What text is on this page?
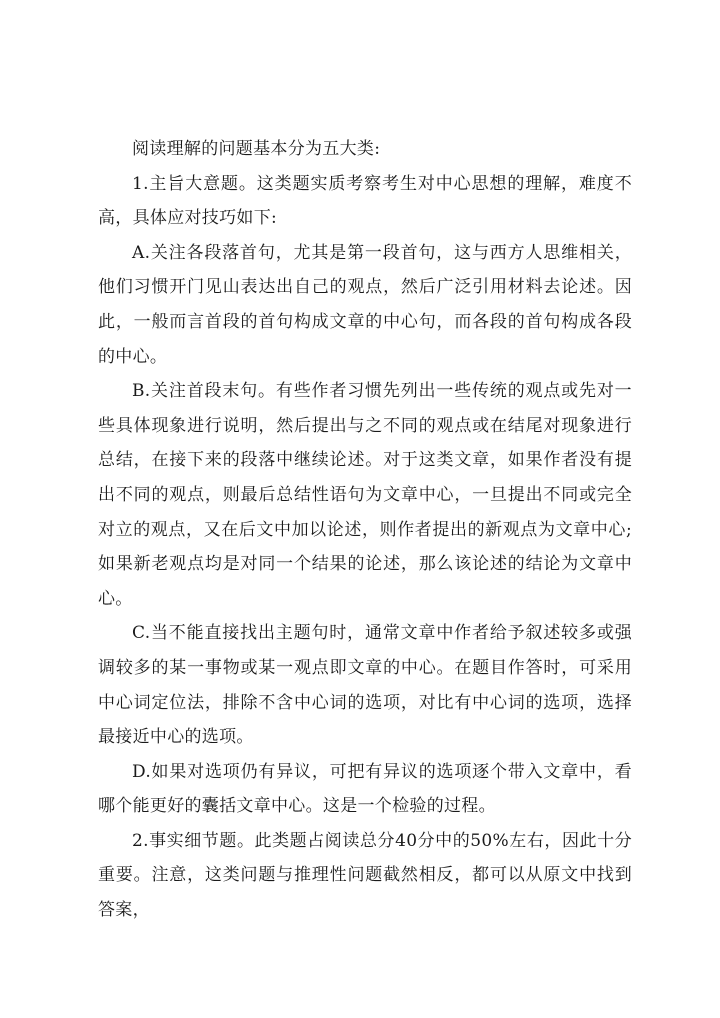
阅读理解的问题基本分为五大类:

1.主旨大意题。这类题实质考察考生对中心思想的理解，难度不高，具体应对技巧如下:

A.关注各段落首句，尤其是第一段首句，这与西方人思维相关，他们习惯开门见山表达出自己的观点，然后广泛引用材料去论述。因此，一般而言首段的首句构成文章的中心句，而各段的首句构成各段的中心。

B.关注首段末句。有些作者习惯先列出一些传统的观点或先对一些具体现象进行说明，然后提出与之不同的观点或在结尾对现象进行总结，在接下来的段落中继续论述。对于这类文章，如果作者没有提出不同的观点，则最后总结性语句为文章中心，一旦提出不同或完全对立的观点，又在后文中加以论述，则作者提出的新观点为文章中心;如果新老观点均是对同一个结果的论述，那么该论述的结论为文章中心。

C.当不能直接找出主题句时，通常文章中作者给予叙述较多或强调较多的某一事物或某一观点即文章的中心。在题目作答时，可采用中心词定位法，排除不含中心词的选项，对比有中心词的选项，选择最接近中心的选项。

D.如果对选项仍有异议，可把有异议的选项逐个带入文章中，看哪个能更好的囊括文章中心。这是一个检验的过程。

2.事实细节题。此类题占阅读总分40分中的50%左右，因此十分重要。注意，这类问题与推理性问题截然相反，都可以从原文中找到答案，
